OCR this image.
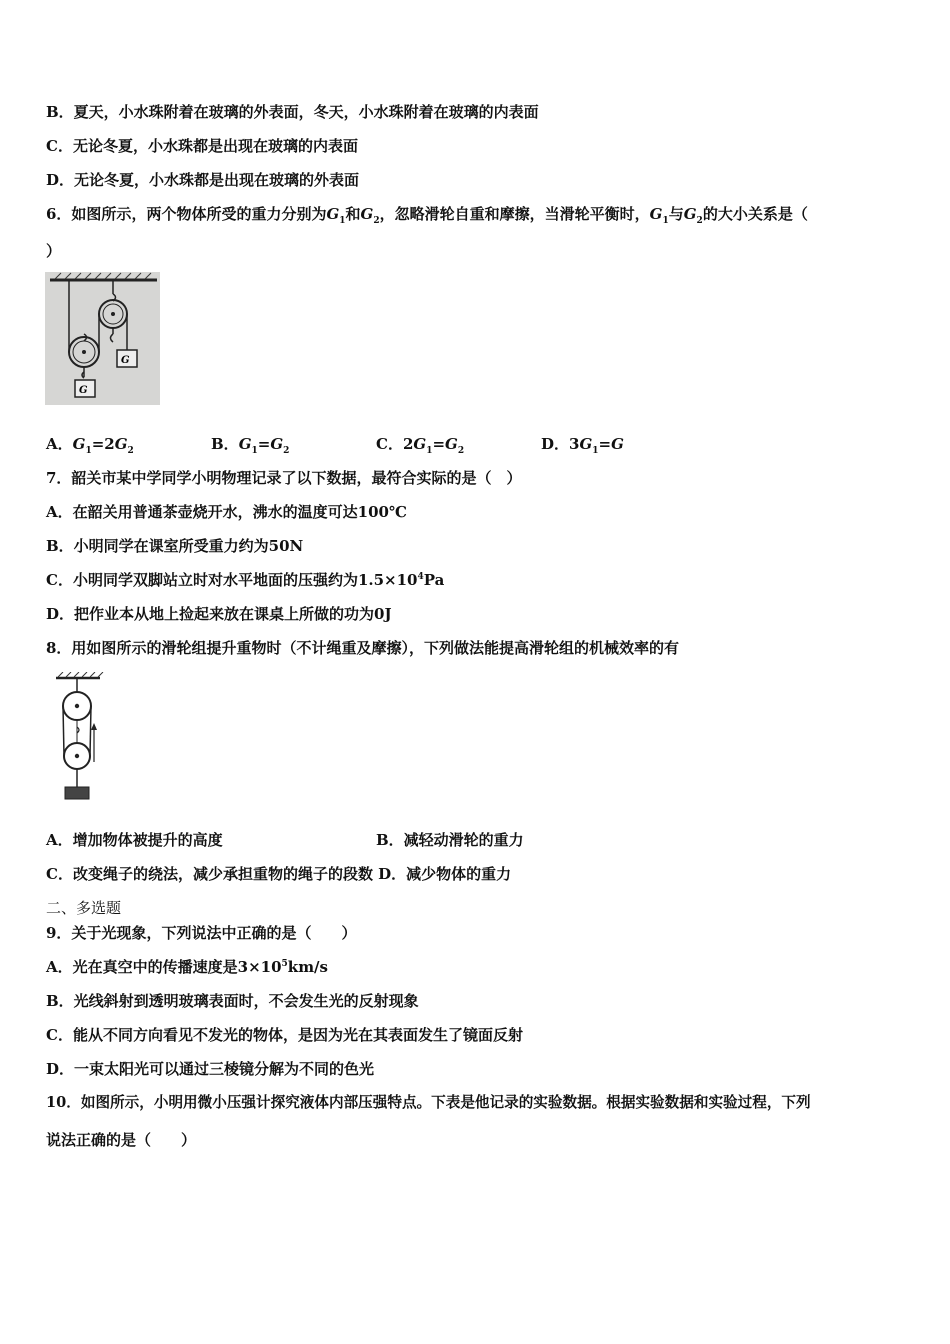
B．夏天，小水珠附着在玻璃的外表面，冬天，小水珠附着在玻璃的内表面
C．无论冬夏，小水珠都是出现在玻璃的内表面
D．无论冬夏，小水珠都是出现在玻璃的外表面
6．如图所示，两个物体所受的重力分别为$G_1$和$G_2$，忽略滑轮自重和摩擦，当滑轮平衡时，$G_1$与$G_2$的大小关系是（
）
G
G
A．$G_1=2G_2$	B．$G_1=G_2$	C．$2G_1=G_2$	D．$3G_1=G$
7．韶关市某中学同学小明物理记录了以下数据，最符合实际的是（　）
A．在韶关用普通茶壶烧开水，沸水的温度可达100℃
B．小明同学在课室所受重力约为50N
C．小明同学双脚站立时对水平地面的压强约为$1.5\times 10^4Pa$
D．把作业本从地上捡起来放在课桌上所做的功为0J
8．用如图所示的滑轮组提升重物时（不计绳重及摩擦），下列做法能提高滑轮组的机械效率的有
A．增加物体被提升的高度	B．减轻动滑轮的重力
C．改变绳子的绕法，减少承担重物的绳子的段数 D．减少物体的重力
二、多选题
9．关于光现象，下列说法中正确的是（　　）
A．光在真空中的传播速度是$3\times 10^5km/s$
B．光线斜射到透明玻璃表面时，不会发生光的反射现象
C．能从不同方向看见不发光的物体，是因为光在其表面发生了镜面反射
D．一束太阳光可以通过三棱镜分解为不同的色光
10．如图所示，小明用微小压强计探究液体内部压强特点。下表是他记录的实验数据。根据实验数据和实验过程，下列
说法正确的是（　　）
